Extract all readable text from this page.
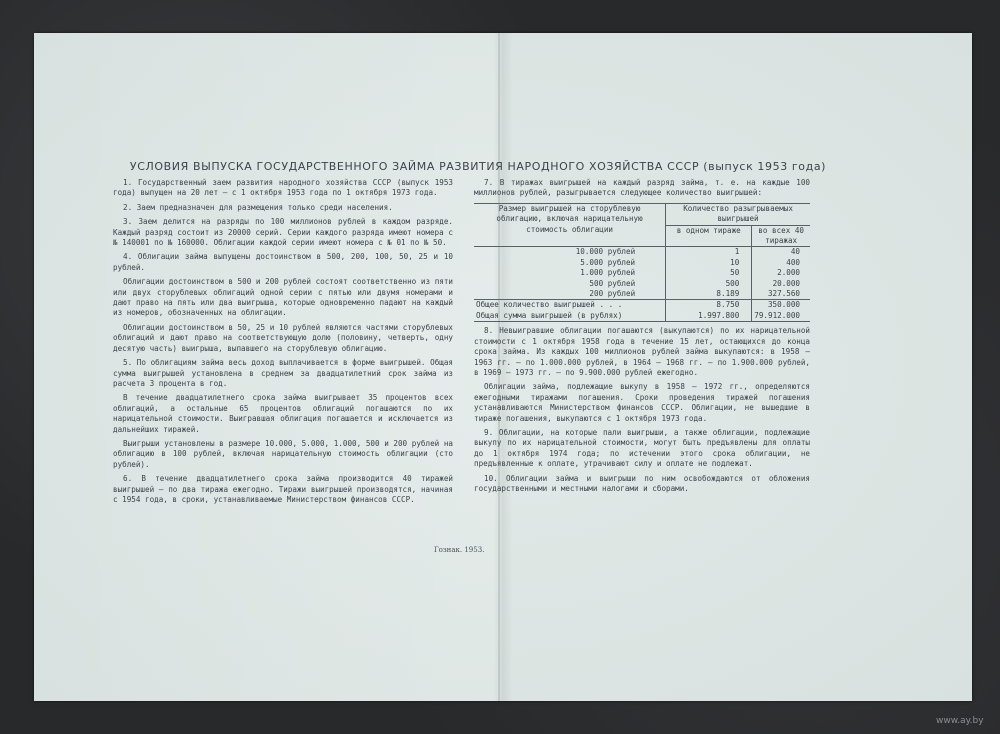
УСЛОВИЯ ВЫПУСКА ГОСУДАРСТВЕННОГО ЗАЙМА РАЗВИТИЯ НАРОДНОГО ХОЗЯЙСТВА СССР (выпуск 1953 года)

1. Государственный заем развития народного хозяйства СССР (выпуск 1953 года) выпущен на 20 лет — с 1 октября 1953 года по 1 октября 1973 года.

2. Заем предназначен для размещения только среди населения.

3. Заем делится на разряды по 100 миллионов рублей в каждом разряде. Каждый разряд состоит из 20000 серий. Серии каждого разряда имеют номера с № 140001 по № 160000. Облигации каждой серии имеют номера с № 01 по № 50.

4. Облигации займа выпущены достоинством в 500, 200, 100, 50, 25 и 10 рублей.

Облигации достоинством в 500 и 200 рублей состоят соответственно из пяти или двух сторублевых облигаций одной серии с пятью или двумя номерами и дают право на пять или два выигрыша, которые одновременно падают на каждый из номеров, обозначенных на облигации.

Облигации достоинством в 50, 25 и 10 рублей являются частями сторублевых облигаций и дают право на соответствующую долю (половину, четверть, одну десятую часть) выигрыша, выпавшего на сторублевую облигацию.

5. По облигациям займа весь доход выплачивается в форме выигрышей. Общая сумма выигрышей установлена в среднем за двадцатилетний срок займа из расчета 3 процента в год.

В течение двадцатилетнего срока займа выигрывает 35 процентов всех облигаций, а остальные 65 процентов облигаций погашаются по их нарицательной стоимости. Выигравшая облигация погашается и исключается из дальнейших тиражей.

Выигрыши установлены в размере 10.000, 5.000, 1.000, 500 и 200 рублей на облигацию в 100 рублей, включая нарицательную стоимость облигации (сто рублей).

6. В течение двадцатилетнего срока займа производится 40 тиражей выигрышей — по два тиража ежегодно. Тиражи выигрышей производятся, начиная с 1954 года, в сроки, устанавливаемые Министерством финансов СССР.

7. В тиражах выигрышей на каждый разряд займа, т. е. на каждые 100 миллионов рублей, разыгрывается следующее количество выигрышей:

Размер выигрышей на сторублевую облигацию, включая нарицательную стоимость облигации	Количество разыгрываемых выигрышей	
	в одном тираже	во всех 40 тиражах
10.000 рублей	1	40
5.000 рублей	10	400
1.000 рублей	50	2.000
500 рублей	500	20.000
200 рублей	8.189	327.560
Общее количество выигрышей . . .	8.750	350.000
Общая сумма выигрышей (в рублях)	1.997.800	79.912.000

8. Невыигравшие облигации погашаются (выкупаются) по их нарицательной стоимости с 1 октября 1958 года в течение 15 лет, остающихся до конца срока займа. Из каждых 100 миллионов рублей займа выкупаются: в 1958 — 1963 гг. — по 1.000.000 рублей, в 1964 — 1968 гг. — по 1.900.000 рублей, в 1969 — 1973 гг. — по 9.900.000 рублей ежегодно.

Облигации займа, подлежащие выкупу в 1958 — 1972 гг., определяются ежегодными тиражами погашения. Сроки проведения тиражей погашения устанавливаются Министерством финансов СССР. Облигации, не вышедшие в тираже погашения, выкупаются с 1 октября 1973 года.

9. Облигации, на которые пали выигрыши, а также облигации, подлежащие выкупу по их нарицательной стоимости, могут быть предъявлены для оплаты до 1 октября 1974 года; по истечении этого срока облигации, не предъявленные к оплате, утрачивают силу и оплате не подлежат.

10. Облигации займа и выигрыши по ним освобождаются от обложения государственными и местными налогами и сборами.

Гознак. 1953.
www.ay.by
